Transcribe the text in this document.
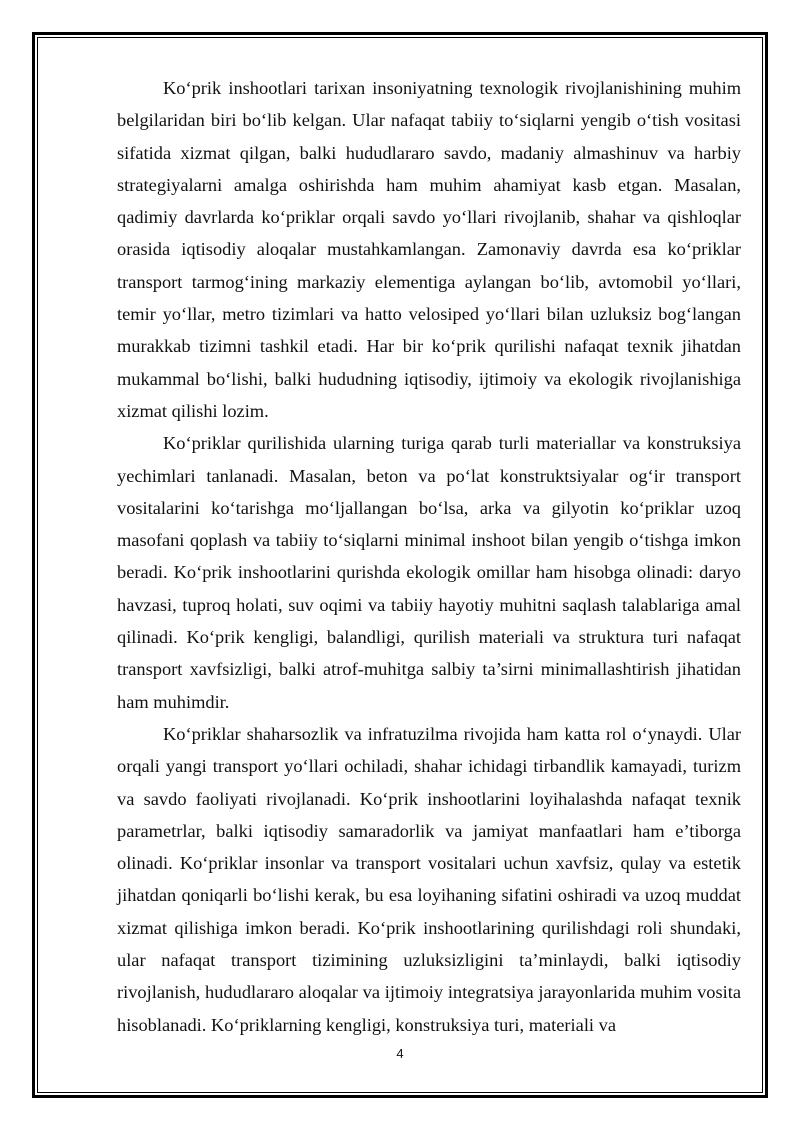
Ko‘prik inshootlari tarixan insoniyatning texnologik rivojlanishining muhim belgilaridan biri bo‘lib kelgan. Ular nafaqat tabiiy to‘siqlarni yengib o‘tish vositasi sifatida xizmat qilgan, balki hududlararo savdo, madaniy almashinuv va harbiy strategiyalarni amalga oshirishda ham muhim ahamiyat kasb etgan. Masalan, qadimiy davrlarda ko‘priklar orqali savdo yo‘llari rivojlanib, shahar va qishloqlar orasida iqtisodiy aloqalar mustahkamlangan. Zamonaviy davrda esa ko‘priklar transport tarmog‘ining markaziy elementiga aylangan bo‘lib, avtomobil yo‘llari, temir yo‘llar, metro tizimlari va hatto velosiped yo‘llari bilan uzluksiz bog‘langan murakkab tizimni tashkil etadi. Har bir ko‘prik qurilishi nafaqat texnik jihatdan mukammal bo‘lishi, balki hududning iqtisodiy, ijtimoiy va ekologik rivojlanishiga xizmat qilishi lozim.

Ko‘priklar qurilishida ularning turiga qarab turli materiallar va konstruksiya yechimlari tanlanadi. Masalan, beton va po‘lat konstruktsiyalar og‘ir transport vositalarini ko‘tarishga mo‘ljallangan bo‘lsa, arka va gilyotin ko‘priklar uzoq masofani qoplash va tabiiy to‘siqlarni minimal inshoot bilan yengib o‘tishga imkon beradi. Ko‘prik inshootlarini qurishda ekologik omillar ham hisobga olinadi: daryo havzasi, tuproq holati, suv oqimi va tabiiy hayotiy muhitni saqlash talablariga amal qilinadi. Ko‘prik kengligi, balandligi, qurilish materiali va struktura turi nafaqat transport xavfsizligi, balki atrof-muhitga salbiy ta’sirni minimallashtirish jihatidan ham muhimdir.

Ko‘priklar shaharsozlik va infratuzilma rivojida ham katta rol o‘ynaydi. Ular orqali yangi transport yo‘llari ochiladi, shahar ichidagi tirbandlik kamayadi, turizm va savdo faoliyati rivojlanadi. Ko‘prik inshootlarini loyihalashda nafaqat texnik parametrlar, balki iqtisodiy samaradorlik va jamiyat manfaatlari ham e’tiborga olinadi. Ko‘priklar insonlar va transport vositalari uchun xavfsiz, qulay va estetik jihatdan qoniqarli bo‘lishi kerak, bu esa loyihaning sifatini oshiradi va uzoq muddat xizmat qilishiga imkon beradi. Ko‘prik inshootlarining qurilishdagi roli shundaki, ular nafaqat transport tizimining uzluksizligini ta’minlaydi, balki iqtisodiy rivojlanish, hududlararo aloqalar va ijtimoiy integratsiya jarayonlarida muhim vosita hisoblanadi. Ko‘priklarning kengligi, konstruksiya turi, materiali va

4
